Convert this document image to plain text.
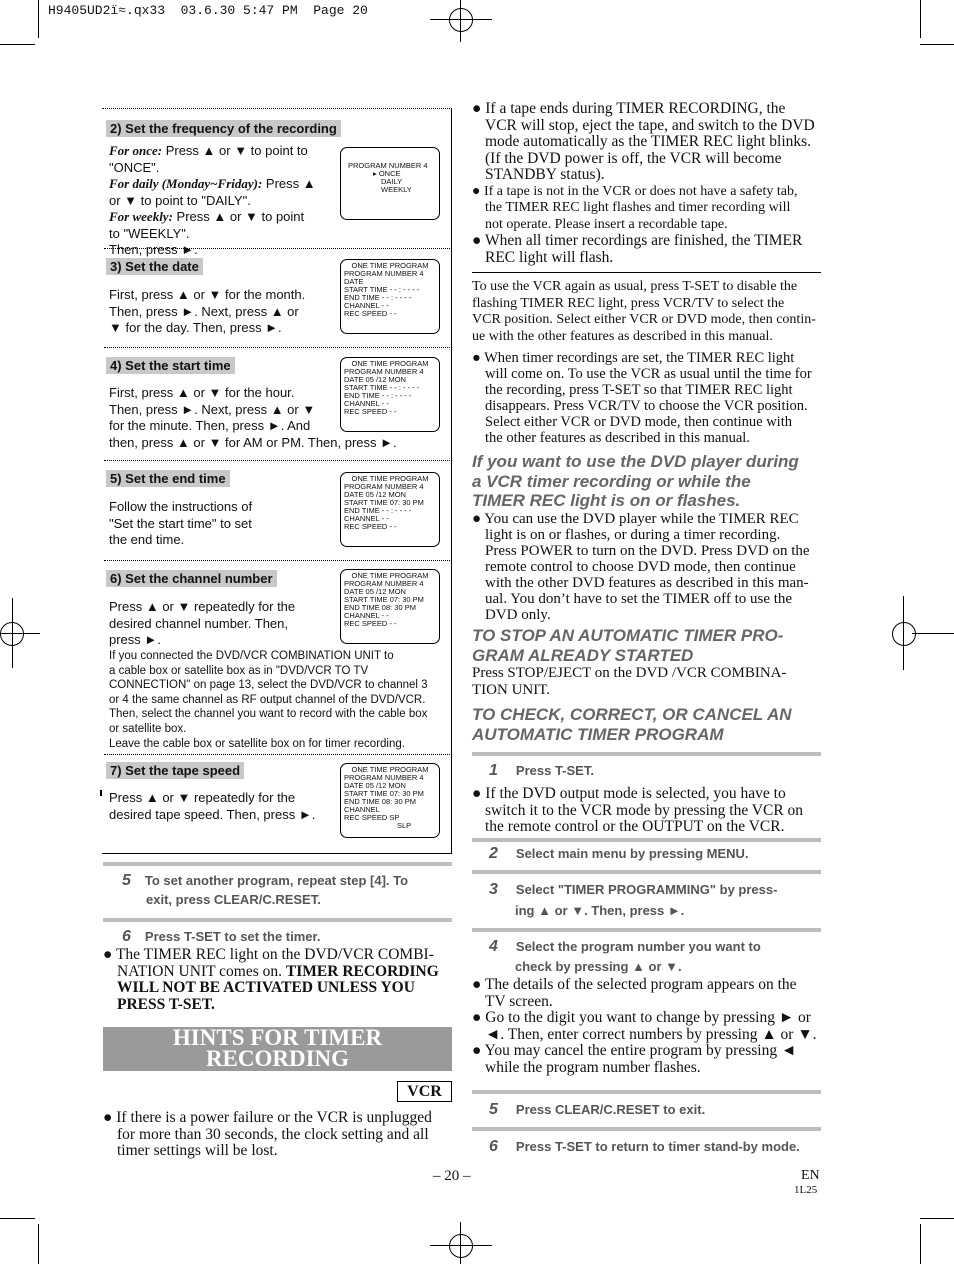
H9405UD2ï≈.qx33  03.6.30 5:47 PM  Page 20
2) Set the frequency of the recording
For once: Press ▲ or ▼ to point to
"ONCE".
For daily (Monday~Friday): Press ▲
or ▼ to point to "DAILY".
For weekly: Press ▲ or ▼ to point
to "WEEKLY".
Then, press ►.
PROGRAM NUMBER 4
▸ ONCE
DAILY
WEEKLY
3) Set the date
First, press ▲ or ▼ for the month.
Then, press ►. Next, press ▲ or
▼ for the day. Then, press ►.
ONE TIME PROGRAM
PROGRAM NUMBER 4
DATE
START TIME - - : - - - -
END TIME - - : - - - -
CHANNEL - -
REC SPEED - -
4) Set the start time
First, press ▲ or ▼ for the hour.
Then, press ►. Next, press ▲ or ▼
for the minute. Then, press ►. And
then, press ▲ or ▼ for AM or PM. Then, press ►.
ONE TIME PROGRAM
PROGRAM NUMBER 4
DATE 05 /12 MON
START TIME - - : - - - -
END TIME - - : - - - -
CHANNEL - -
REC SPEED - -
5) Set the end time
Follow the instructions of
"Set the start time" to set
the end time.
ONE TIME PROGRAM
PROGRAM NUMBER 4
DATE 05 /12 MON
START TIME 07: 30 PM
END TIME - - : - - - -
CHANNEL - -
REC SPEED - -
6) Set the channel number
Press ▲ or ▼ repeatedly for the
desired channel number. Then,
press ►.
ONE TIME PROGRAM
PROGRAM NUMBER 4
DATE 05 /12 MON
START TIME 07: 30 PM
END TIME 08: 30 PM
CHANNEL - -
REC SPEED - -
If you connected the DVD/VCR COMBINATION UNIT to
a cable box or satellite box as in "DVD/VCR TO TV
CONNECTION" on page 13, select the DVD/VCR to channel 3
or 4 the same channel as RF output channel of the DVD/VCR.
Then, select the channel you want to record with the cable box
or satellite box.
Leave the cable box or satellite box on for timer recording.
7) Set the tape speed
Press ▲ or ▼ repeatedly for the
desired tape speed. Then, press ►.
ONE TIME PROGRAM
PROGRAM NUMBER 4
DATE 05 /12 MON
START TIME 07: 30 PM
END TIME 08: 30 PM
CHANNEL
REC SPEED SP
SLP
5 To set another program, repeat step [4]. To
exit, press CLEAR/C.RESET.
6 Press T-SET to set the timer.
● The TIMER REC light on the DVD/VCR COMBI-
NATION UNIT comes on. TIMER RECORDING
WILL NOT BE ACTIVATED UNLESS YOU
PRESS T-SET.
HINTS FOR TIMER
RECORDING
VCR
● If there is a power failure or the VCR is unplugged
for more than 30 seconds, the clock setting and all
timer settings will be lost.
● If a tape ends during TIMER RECORDING, the
VCR will stop, eject the tape, and switch to the DVD
mode automatically as the TIMER REC light blinks.
(If the DVD power is off, the VCR will become
STANDBY status).
● If a tape is not in the VCR or does not have a safety tab,
the TIMER REC light flashes and timer recording will
not operate. Please insert a recordable tape.
● When all timer recordings are finished, the TIMER
REC light will flash.
To use the VCR again as usual, press T-SET to disable the
flashing TIMER REC light, press VCR/TV to select the
VCR position. Select either VCR or DVD mode, then contin-
ue with the other features as described in this manual.
● When timer recordings are set, the TIMER REC light
will come on. To use the VCR as usual until the time for
the recording, press T-SET so that TIMER REC light
disappears. Press VCR/TV to choose the VCR position.
Select either VCR or DVD mode, then continue with
the other features as described in this manual.
If you want to use the DVD player during
a VCR timer recording or while the
TIMER REC light is on or flashes.
● You can use the DVD player while the TIMER REC
light is on or flashes, or during a timer recording.
Press POWER to turn on the DVD. Press DVD on the
remote control to choose DVD mode, then continue
with the other DVD features as described in this man-
ual. You don’t have to set the TIMER off to use the
DVD only.
TO STOP AN AUTOMATIC TIMER PRO-
GRAM ALREADY STARTED
Press STOP/EJECT on the DVD /VCR COMBINA-
TION UNIT.
TO CHECK, CORRECT, OR CANCEL AN
AUTOMATIC TIMER PROGRAM
1 Press T-SET.
● If the DVD output mode is selected, you have to
switch it to the VCR mode by pressing the VCR on
the remote control or the OUTPUT on the VCR.
2 Select main menu by pressing MENU.
3 Select "TIMER PROGRAMMING" by press-
ing ▲ or ▼. Then, press ►.
4 Select the program number you want to
check by pressing ▲ or ▼.
● The details of the selected program appears on the
TV screen.
● Go to the digit you want to change by pressing ► or
◄. Then, enter correct numbers by pressing ▲ or ▼.
● You may cancel the entire program by pressing ◄
while the program number flashes.
5 Press CLEAR/C.RESET to exit.
6 Press T-SET to return to timer stand-by mode.
– 20 –	EN
1L25
